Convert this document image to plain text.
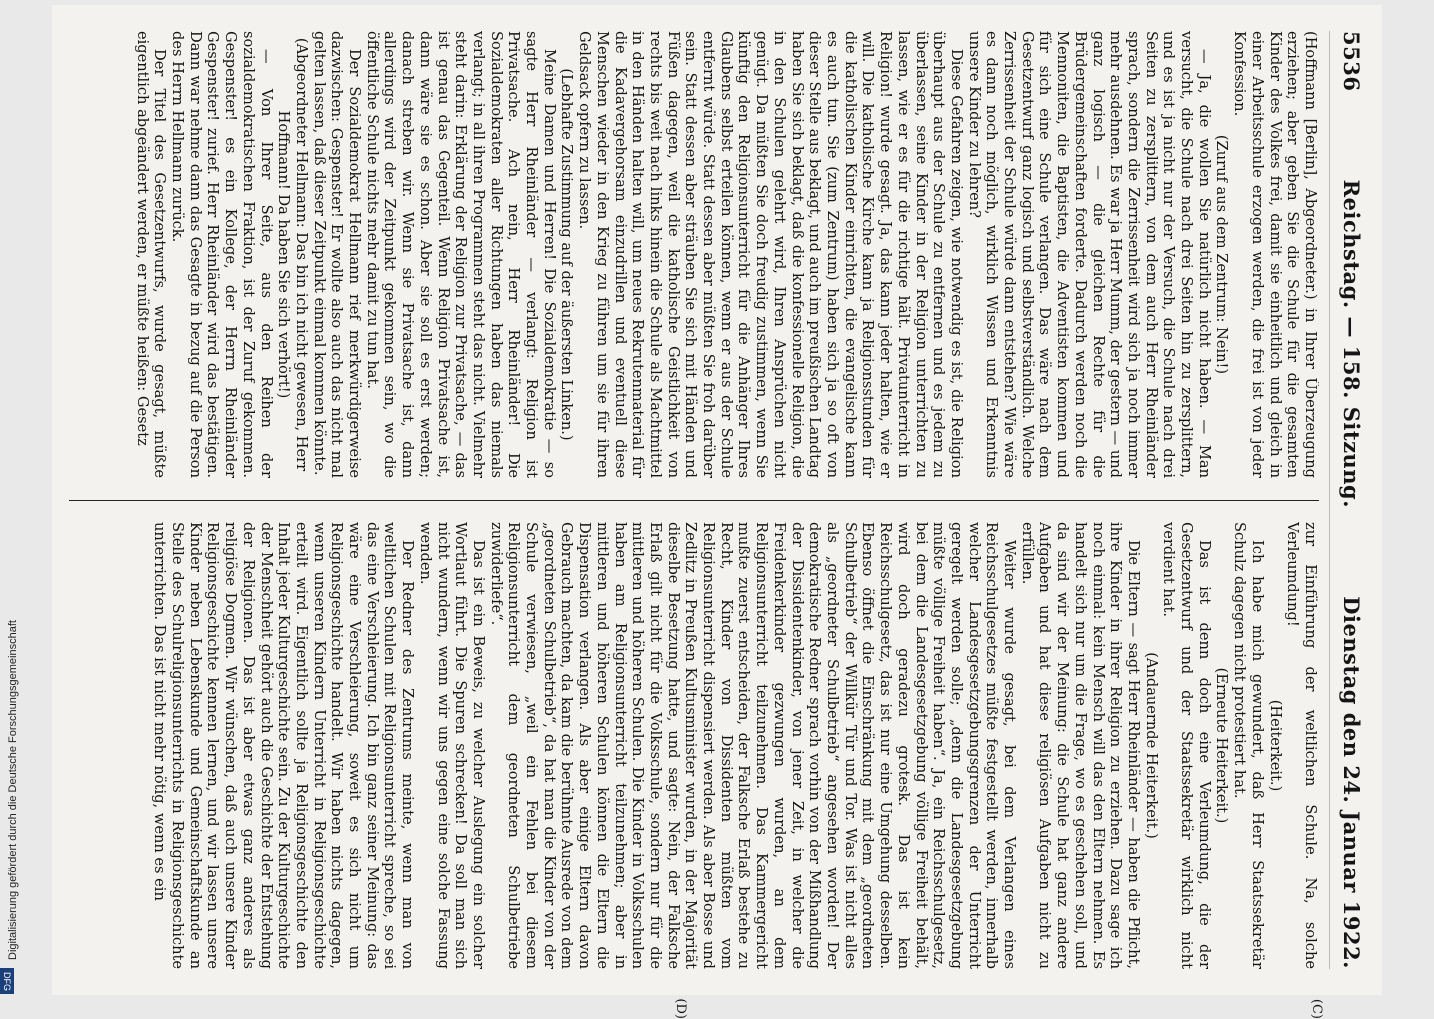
5536
Reichstag. — 158. Sitzung.
Dienstag den 24. Januar 1922.

(Hoffmann [Berlin], Abgeordneter.) in Ihrer Überzeugung erziehen; aber geben Sie die Schule für die gesamten Kinder des Volkes frei, damit sie einheitlich und gleich in einer Arbeitsschule erzogen werden, die frei ist von jeder Konfession.

(Zuruf aus dem Zentrum: Nein!)

— Ja, die wollen Sie natürlich nicht haben. — Man versucht, die Schule nach drei Seiten hin zu zersplittern, und es ist ja nicht nur der Versuch, die Schule nach drei Seiten zu zersplittern, von dem auch Herr Rheinländer sprach, sondern die Zerrissenheit wird sich ja noch immer mehr ausdehnen. Es war ja Herr Mumm, der gestern — und ganz logisch — die gleichen Rechte für die Brüdergemeinschaften forderte. Dadurch werden noch die Mennoniten, die Baptisten, die Adventisten kommen und für sich eine Schule verlangen. Das wäre nach dem Gesetzentwurf ganz logisch und selbstverständlich. Welche Zerrissenheit der Schule würde dann entstehen? Wie wäre es dann noch möglich, wirklich Wissen und Erkenntnis unsere Kinder zu lehren?

Diese Gefahren zeigen, wie notwendig es ist, die Religion überhaupt aus der Schule zu entfernen und es jedem zu überlassen, seine Kinder in der Religion unterrichten zu lassen, wie er es für die richtige hält. Privatunterricht in Religion! wurde gesagt. Ja, das kann jeder halten, wie er will. Die katholische Kirche kann ja Religionsstunden für die katholischen Kinder einrichten, die evangelische kann es auch tun. Sie (zum Zentrum) haben sich ja so oft von dieser Stelle aus beklagt, und auch im preußischen Landtag haben Sie sich beklagt, daß die konfessionelle Religion, die in den Schulen gelehrt wird, Ihren Ansprüchen nicht genügt. Da müßten Sie doch freudig zustimmen, wenn Sie künftig den Religionsunterricht für die Anhänger Ihres Glaubens selbst erteilen können, wenn er aus der Schule entfernt würde. Statt dessen aber müßten Sie froh darüber sein. Statt dessen aber sträuben Sie sich mit Händen und Füßen dagegen, weil die katholische Geistlichkeit von rechts bis weit nach links hinein die Schule als Machtmittel in den Händen halten will, um neues Rekrutenmaterial für die Kadavergehorsam einzudrillen und eventuell diese Menschen wieder in den Krieg zu führen um sie für ihren Geldsack opfern zu lassen.

(Lebhafte Zustimmung auf der äußersten Linken.)

Meine Damen und Herren! Die Sozialdemokratie — so sagte Herr Rheinländer — verlangt: Religion ist Privatsache. Ach nein, Herr Rheinländer! Die Sozialdemokraten aller Richtungen haben das niemals verlangt; in all ihren Programmen steht das nicht. Vielmehr steht darin: Erklärung der Religion zur Privatsache, — das ist genau das Gegenteil. Wenn Religion Privatsache ist, dann wäre sie es schon. Aber sie soll es erst werden; danach streben wir. Wenn sie Privatsache ist, dann allerdings wird der Zeitpunkt gekommen sein, wo die öffentliche Schule nichts mehr damit zu tun hat.

Der Sozialdemokrat Hellmann rief merkwürdigerweise dazwischen: Gespenster! Er wollte also auch das nicht mal gelten lassen, daß dieser Zeitpunkt einmal kommen könnte.

(Abgeordneter Hellmann: Das bin ich nicht gewesen, Herr Hoffmann! Da haben Sie sich verhört!)

— Von Ihrer Seite, aus den Reihen der sozialdemokratischen Fraktion, ist der Zuruf gekommen. Gespenster! es ein Kollege, der Herrn Rheinländer Gespenster! zurief. Herr Rheinländer wird das bestätigen. Dann war nehme dann das Gesagte in bezug auf die Person des Herrn Hellmann zurück.

Der Titel des Gesetzentwurfs, wurde gesagt, müßte eigentlich abgeändert werden, er müßte heißen: Gesetz

zur Einführung der weltlichen Schule. Na, solche Verleumdung!

(Heiterkeit.)

Ich habe mich gewundert, daß Herr Staatssekretär Schulz dagegen nicht protestiert hat.

(Erneute Heiterkeit.)

Das ist denn doch eine Verleumdung, die der Gesetzentwurf und der Staatssekretär wirklich nicht verdient hat.

(Andauernde Heiterkeit.)

Die Eltern — sagt Herr Rheinländer — haben die Pflicht, ihre Kinder in ihrer Religion zu erziehen. Dazu sage ich noch einmal: kein Mensch will das den Eltern nehmen. Es handelt sich nur um die Frage, wo es geschehen soll, und da sind wir der Meinung: die Schule hat ganz andere Aufgaben und hat diese religiösen Aufgaben nicht zu erfüllen.

Weiter wurde gesagt, bei dem Verlangen eines Reichsschulgesetzes müßte festgestellt werden, innerhalb welcher Landesgesetzgebungsgrenzen der Unterricht geregelt werden solle; „denn die Landesgesetzgebung müßte völlige Freiheit haben“. Ja, ein Reichsschulgesetz, bei dem die Landesgesetzgebung völlige Freiheit behält, wird doch geradezu grotesk. Das ist kein Reichsschulgesetz, das ist nur eine Umgehung desselben. Ebenso öffnet die Einschränkung mit dem „geordneten Schulbetrieb“ der Willkür Tür und Tor. Was ist nicht alles als „geordneter Schulbetrieb“ angesehen worden! Der demokratische Redner sprach vorhin von der Mißhandlung der Dissidentenkinder, von jener Zeit, in welcher die Freidenkerkinder gezwungen wurden, an dem Religionsunterricht teilzunehmen. Das Kammergericht mußte zuerst entscheiden, der Falksche Erlaß bestehe zu Recht, Kinder von Dissidenten müßten vom Religionsunterricht dispensiert werden. Als aber Bosse und Zedlitz in Preußen Kultusminister wurden, in der Majorität dieselbe Besetzung hatte, und sagte: Nein, der Falksche Erlaß gilt nicht für die Volksschule, sondern nur für die mittleren und höheren Schulen. Die Kinder in Volksschulen haben am Religionsunterricht teilzunehmen; aber in mittleren und höheren Schulen können die Eltern die Dispensation verlangen. Als aber einige Eltern davon Gebrauch machten, da kam die berühmte Ausrede von dem „geordneten Schulbetrieb“, da hat man die Kinder von der Schule verwiesen, „weil ein Fehlen bei diesem Religionsunterricht dem geordneten Schulbetriebe zuwiderliefe“.

Das ist ein Beweis, zu welcher Auslegung ein solcher Wortlaut führt. Die Spuren schrecken! Da soll man sich nicht wundern, wenn wir uns gegen eine solche Fassung wenden.

Der Redner des Zentrums meinte, wenn man von weltlichen Schulen mit Religionsunterricht spreche, so sei das eine Verschleierung. Ich bin ganz seiner Meinung: das wäre eine Verschleierung, soweit es sich nicht um Religionsgeschichte handelt. Wir haben nichts dagegen, wenn unseren Kindern Unterricht in Religionsgeschichte erteilt wird. Eigentlich sollte ja Religionsgeschichte den Inhalt jeder Kulturgeschichte sein. Zu der Kulturgeschichte der Menschheit gehört auch die Geschichte der Entstehung der Religionen. Das ist aber etwas ganz anderes als religiöse Dogmen. Wir wünschen, daß auch unsere Kinder Religionsgeschichte kennen lernen, und wir lassen unsere Kinder neben Lebenskunde und Gemeinschaftskunde an Stelle des Schulreligionsunterrichts in Religionsgeschichte unterrichten. Das ist nicht mehr nötig, wenn es ein

(C)
(D)
Digitalisierung gefördert durch die Deutsche Forschungsgemeinschaft
DFG
